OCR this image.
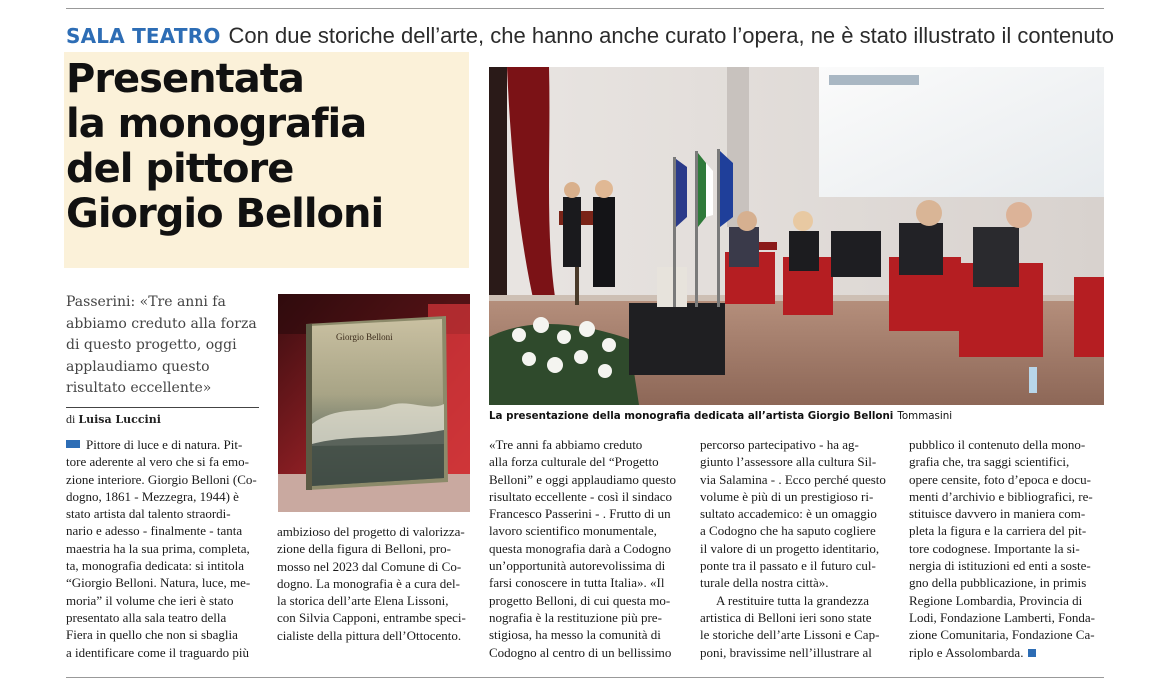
SALA TEATRO Con due storiche dell’arte, che hanno anche curato l’opera, ne è stato illustrato il contenuto
Presentata
la monografia
del pittore
Giorgio Belloni
Passerini: «Tre anni fa
abbiamo creduto alla forza
di questo progetto, oggi
applaudiamo questo
risultato eccellente»
di Luisa Luccini
Pittore di luce e di natura. Pit-
tore aderente al vero che si fa emo-
zione interiore. Giorgio Belloni (Co-
dogno, 1861 - Mezzegra, 1944) è
stato artista dal talento straordi-
nario e adesso - finalmente - tanta
maestria ha la sua prima, completa,
ta, monografia dedicata: si intitola
“Giorgio Belloni. Natura, luce, me-
moria” il volume che ieri è stato
presentato alla sala teatro della
Fiera in quello che non si sbaglia
a identificare come il traguardo più
Giorgio Belloni
ambizioso del progetto di valorizza-
zione della figura di Belloni, pro-
mosso nel 2023 dal Comune di Co-
dogno. La monografia è a cura del-
la storica dell’arte Elena Lissoni,
con Silvia Capponi, entrambe speci-
cialiste della pittura dell’Ottocento.
La presentazione della monografia dedicata all’artista Giorgio Belloni Tommasini
«Tre anni fa abbiamo creduto
alla forza culturale del “Progetto
Belloni” e oggi applaudiamo questo
risultato eccellente - così il sindaco
Francesco Passerini - . Frutto di un
lavoro scientifico monumentale,
questa monografia darà a Codogno
un’opportunità autorevolissima di
farsi conoscere in tutta Italia». «Il
progetto Belloni, di cui questa mo-
nografia è la restituzione più pre-
stigiosa, ha messo la comunità di
Codogno al centro di un bellissimo
percorso partecipativo - ha ag-
giunto l’assessore alla cultura Sil-
via Salamina - . Ecco perché questo
volume è più di un prestigioso ri-
sultato accademico: è un omaggio
a Codogno che ha saputo cogliere
il valore di un progetto identitario,
ponte tra il passato e il futuro cul-
turale della nostra città».
A restituire tutta la grandezza
artistica di Belloni ieri sono state
le storiche dell’arte Lissoni e Cap-
poni, bravissime nell’illustrare al
pubblico il contenuto della mono-
grafia che, tra saggi scientifici,
opere censite, foto d’epoca e docu-
menti d’archivio e bibliografici, re-
stituisce davvero in maniera com-
pleta la figura e la carriera del pit-
tore codognese. Importante la si-
nergia di istituzioni ed enti a soste-
gno della pubblicazione, in primis
Regione Lombardia, Provincia di
Lodi, Fondazione Lamberti, Fonda-
zione Comunitaria, Fondazione Ca-
riplo e Assolombarda.
